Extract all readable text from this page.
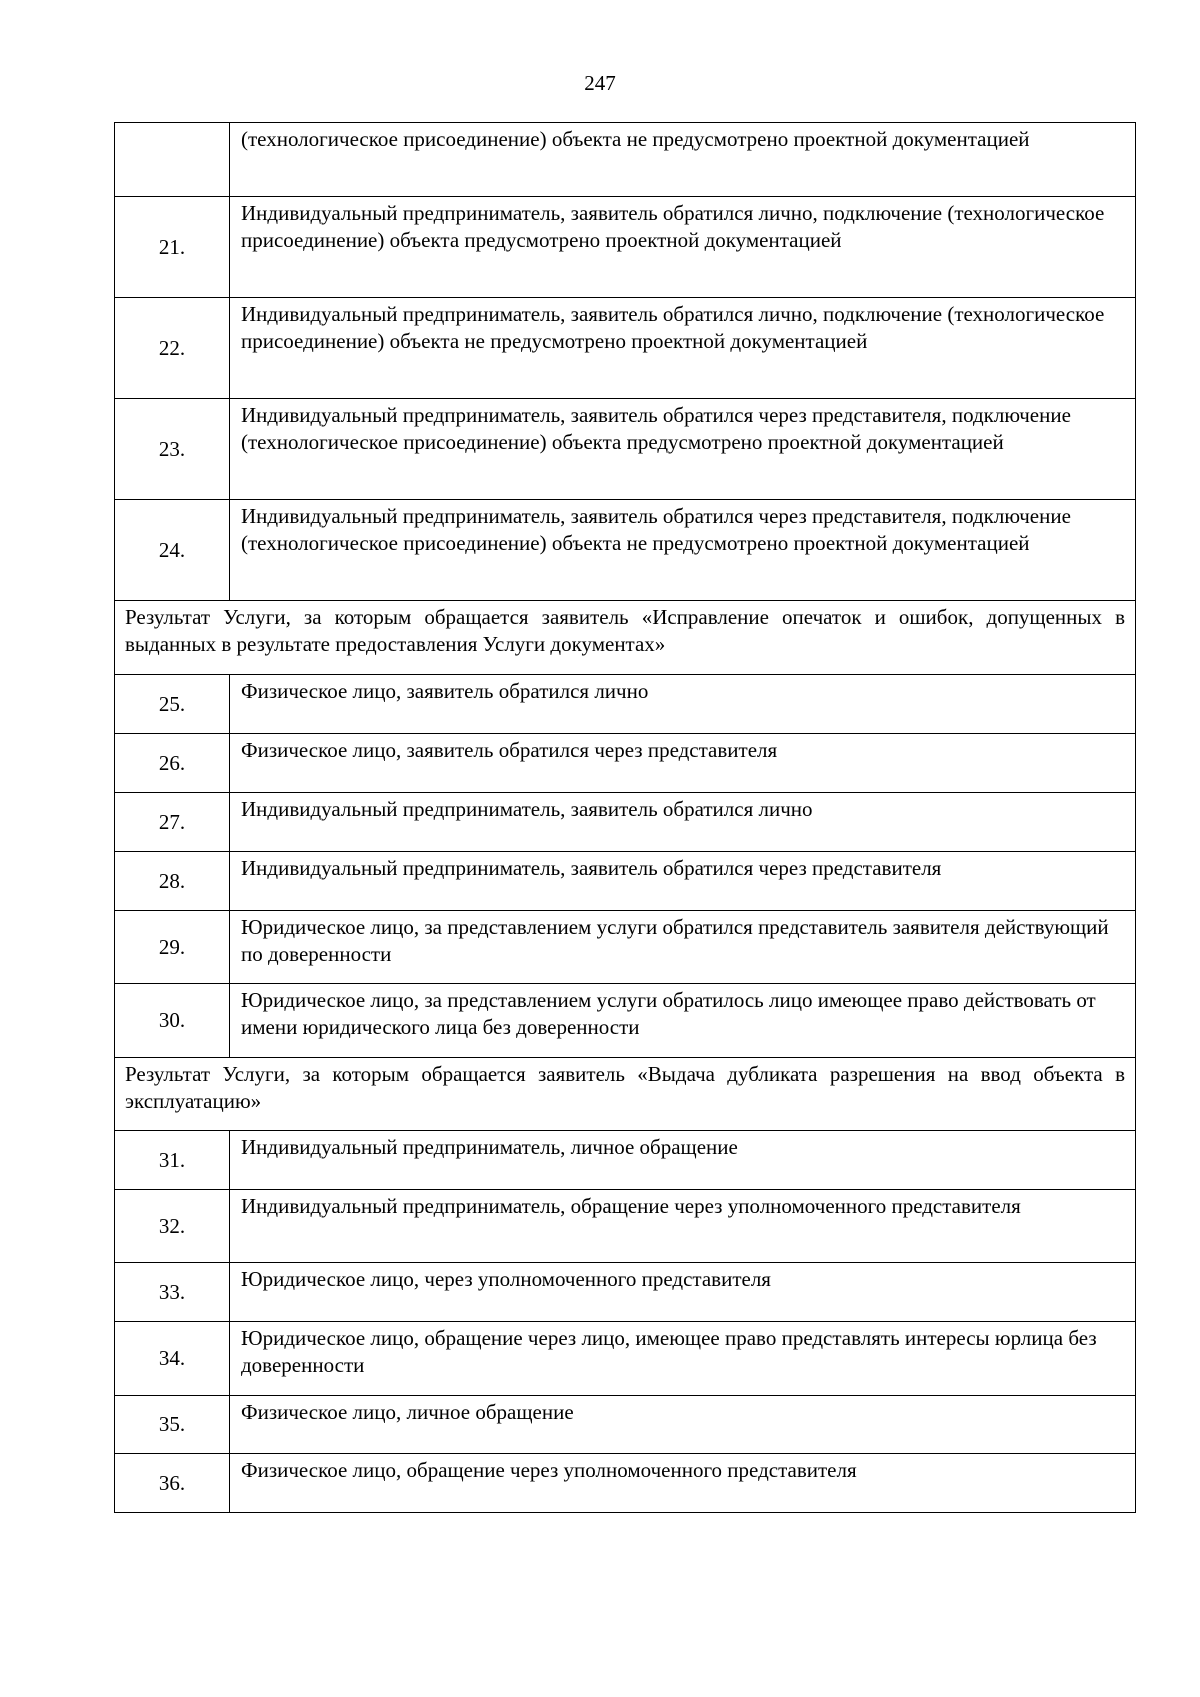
247
	(технологическое присоединение) объекта не предусмотрено проектной документацией
21.	Индивидуальный предприниматель, заявитель обратился лично, подключение (технологическое присоединение) объекта предусмотрено проектной документацией
22.	Индивидуальный предприниматель, заявитель обратился лично, подключение (технологическое присоединение) объекта не предусмотрено проектной документацией
23.	Индивидуальный предприниматель, заявитель обратился через представителя, подключение (технологическое присоединение) объекта предусмотрено проектной документацией
24.	Индивидуальный предприниматель, заявитель обратился через представителя, подключение (технологическое присоединение) объекта не предусмотрено проектной документацией
Результат Услуги, за которым обращается заявитель «Исправление опечаток и ошибок, допущенных в выданных в результате предоставления Услуги документах»	
25.	Физическое лицо, заявитель обратился лично
26.	Физическое лицо, заявитель обратился через представителя
27.	Индивидуальный предприниматель, заявитель обратился лично
28.	Индивидуальный предприниматель, заявитель обратился через представителя
29.	Юридическое лицо, за представлением услуги обратился представитель заявителя действующий по доверенности
30.	Юридическое лицо, за представлением услуги обратилось лицо имеющее право действовать от имени юридического лица без доверенности
Результат Услуги, за которым обращается заявитель «Выдача дубликата разрешения на ввод объекта в эксплуатацию»	
31.	Индивидуальный предприниматель, личное обращение
32.	Индивидуальный предприниматель, обращение через уполномоченного представителя
33.	Юридическое лицо, через уполномоченного представителя
34.	Юридическое лицо, обращение через лицо, имеющее право представлять интересы юрлица без доверенности
35.	Физическое лицо, личное обращение
36.	Физическое лицо, обращение через уполномоченного представителя
